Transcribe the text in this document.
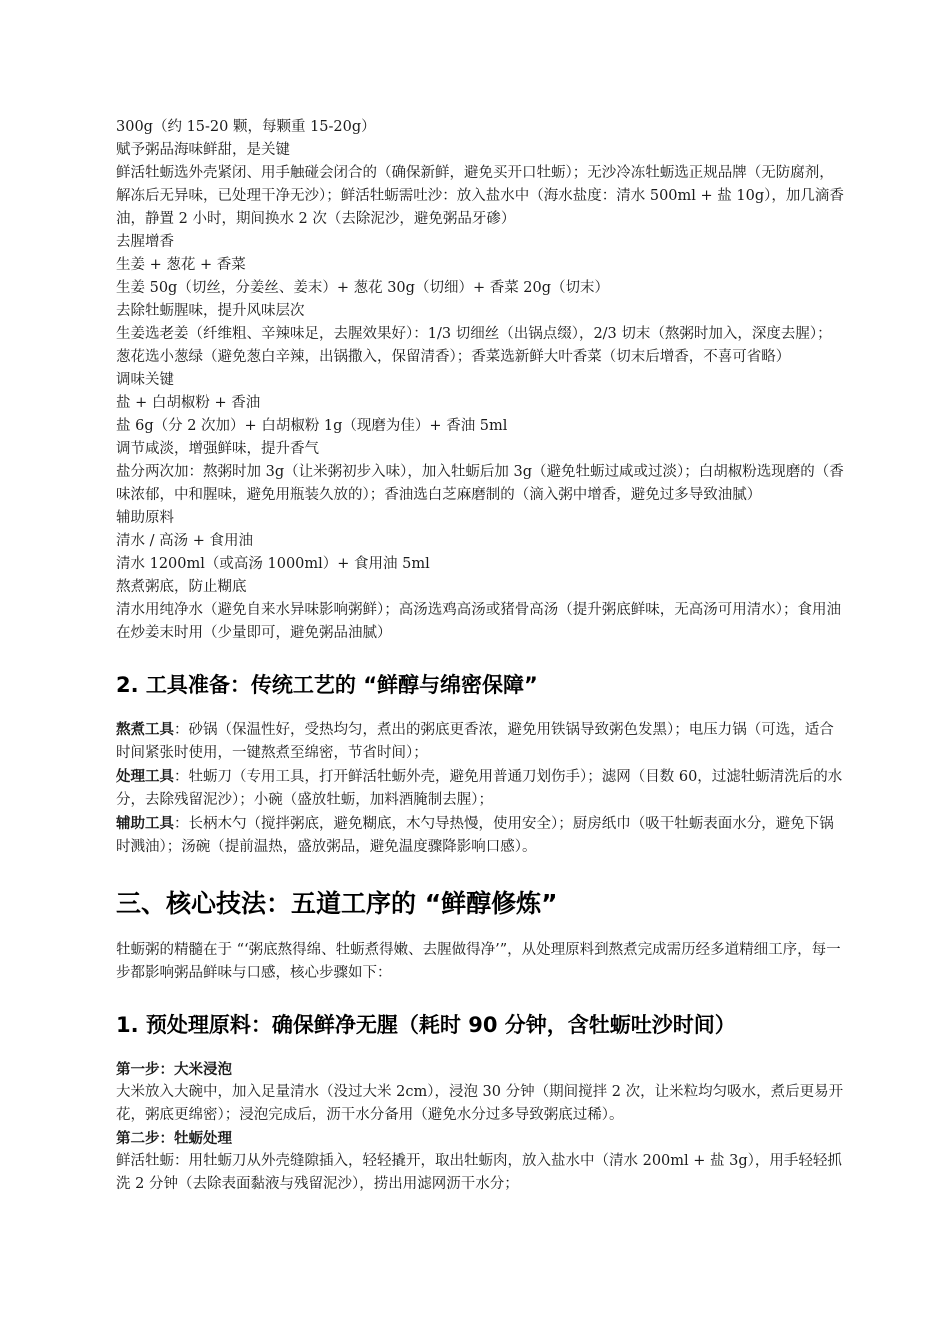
300g（约 15-20 颗，每颗重 15-20g）

赋予粥品海味鲜甜，是关键

鲜活牡蛎选外壳紧闭、用手触碰会闭合的（确保新鲜，避免买开口牡蛎）；无沙冷冻牡蛎选正规品牌（无防腐剂，解冻后无异味，已处理干净无沙）；鲜活牡蛎需吐沙：放入盐水中（海水盐度：清水 500ml + 盐 10g），加几滴香油，静置 2 小时，期间换水 2 次（去除泥沙，避免粥品牙碜）

去腥增香

生姜 + 葱花 + 香菜

生姜 50g（切丝，分姜丝、姜末）+ 葱花 30g（切细）+ 香菜 20g（切末）

去除牡蛎腥味，提升风味层次

生姜选老姜（纤维粗、辛辣味足，去腥效果好）：1/3 切细丝（出锅点缀），2/3 切末（熬粥时加入，深度去腥）；葱花选小葱绿（避免葱白辛辣，出锅撒入，保留清香）；香菜选新鲜大叶香菜（切末后增香，不喜可省略）

调味关键

盐 + 白胡椒粉 + 香油

盐 6g（分 2 次加）+ 白胡椒粉 1g（现磨为佳）+ 香油 5ml

调节咸淡，增强鲜味，提升香气

盐分两次加：熬粥时加 3g（让米粥初步入味），加入牡蛎后加 3g（避免牡蛎过咸或过淡）；白胡椒粉选现磨的（香味浓郁，中和腥味，避免用瓶装久放的）；香油选白芝麻磨制的（滴入粥中增香，避免过多导致油腻）

辅助原料

清水 / 高汤 + 食用油

清水 1200ml（或高汤 1000ml）+ 食用油 5ml

熬煮粥底，防止糊底

清水用纯净水（避免自来水异味影响粥鲜）；高汤选鸡高汤或猪骨高汤（提升粥底鲜味，无高汤可用清水）；食用油在炒姜末时用（少量即可，避免粥品油腻）

2. 工具准备：传统工艺的 “鲜醇与绵密保障”

熬煮工具：砂锅（保温性好，受热均匀，煮出的粥底更香浓，避免用铁锅导致粥色发黑）；电压力锅（可选，适合时间紧张时使用，一键熬煮至绵密，节省时间）；

处理工具：牡蛎刀（专用工具，打开鲜活牡蛎外壳，避免用普通刀划伤手）；滤网（目数 60，过滤牡蛎清洗后的水分，去除残留泥沙）；小碗（盛放牡蛎，加料酒腌制去腥）；

辅助工具：长柄木勺（搅拌粥底，避免糊底，木勺导热慢，使用安全）；厨房纸巾（吸干牡蛎表面水分，避免下锅时溅油）；汤碗（提前温热，盛放粥品，避免温度骤降影响口感）。

三、核心技法：五道工序的 “鲜醇修炼”

牡蛎粥的精髓在于 “‘粥底熬得绵、牡蛎煮得嫩、去腥做得净’”，从处理原料到熬煮完成需历经多道精细工序，每一步都影响粥品鲜味与口感，核心步骤如下：

1. 预处理原料：确保鲜净无腥（耗时 90 分钟，含牡蛎吐沙时间）

第一步：大米浸泡

大米放入大碗中，加入足量清水（没过大米 2cm），浸泡 30 分钟（期间搅拌 2 次，让米粒均匀吸水，煮后更易开花，粥底更绵密）；浸泡完成后，沥干水分备用（避免水分过多导致粥底过稀）。

第二步：牡蛎处理

鲜活牡蛎：用牡蛎刀从外壳缝隙插入，轻轻撬开，取出牡蛎肉，放入盐水中（清水 200ml + 盐 3g），用手轻轻抓洗 2 分钟（去除表面黏液与残留泥沙），捞出用滤网沥干水分；
